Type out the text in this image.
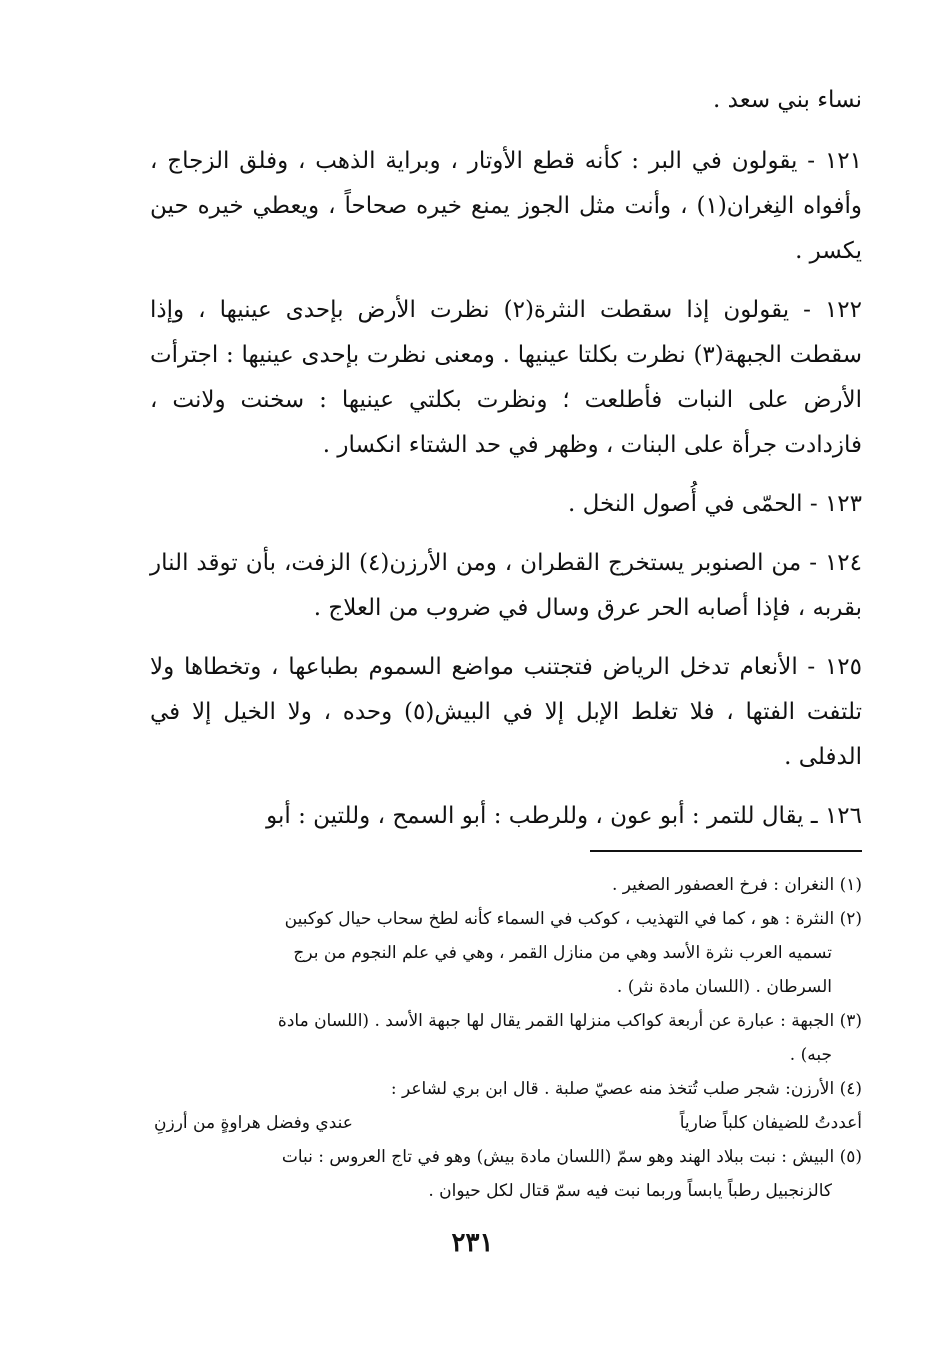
نساء بني سعد .

١٢١ - يقولون في البر : كأنه قطع الأوتار ، وبراية الذهب ، وفلق الزجاج ، وأفواه النِغران(١) ، وأنت مثل الجوز يمنع خيره صحاحاً ، ويعطي خيره حين يكسر .

١٢٢ - يقولون إذا سقطت النثرة(٢) نظرت الأرض بإحدى عينيها ، وإذا سقطت الجبهة(٣) نظرت بكلتا عينيها . ومعنى نظرت بإحدى عينيها : اجترأت الأرض على النبات فأطلعت ؛ ونظرت بكلتي عينيها : سخنت ولانت ، فازدادت جرأة على البنات ، وظهر في حد الشتاء انكسار .

١٢٣ - الحمّى في أُصول النخل .

١٢٤ - من الصنوبر يستخرج القطران ، ومن الأرزن(٤) الزفت، بأن توقد النار بقربه ، فإذا أصابه الحر عرق وسال في ضروب من العلاج .

١٢٥ - الأنعام تدخل الرياض فتجتنب مواضع السموم بطباعها ، وتخطاها ولا تلتفت الفتها ، فلا تغلط الإبل إلا في البيش(٥) وحده ، ولا الخيل إلا في الدفلى .

١٢٦ ـ يقال للتمر : أبو عون ، وللرطب : أبو السمح ، وللتين : أبو

(١) النغران : فرخ العصفور الصغير .
(٢) النثرة : هو ، كما في التهذيب ، كوكب في السماء كأنه لطخ سحاب حيال كوكبين
تسميه العرب نثرة الأسد وهي من منازل القمر ، وهي في علم النجوم من برج
السرطان . (اللسان مادة نثر) .
(٣) الجبهة : عبارة عن أربعة كواكب منزلها القمر يقال لها جبهة الأسد . (اللسان مادة
جبه) .
(٤) الأرزن: شجر صلب تُتخذ منه عصيّ صلبة . قال ابن بري لشاعر :
أعددتُ للضيفان كلباً ضارياً
عندي وفضل هراوةٍ من أرزنِ
(٥) البيش : نبت ببلاد الهند وهو سمّ (اللسان مادة بيش) وهو في تاج العروس : نبات
كالزنجبيل رطباً يابساً وربما نبت فيه سمّ قتال لكل حيوان .
٢٣١
